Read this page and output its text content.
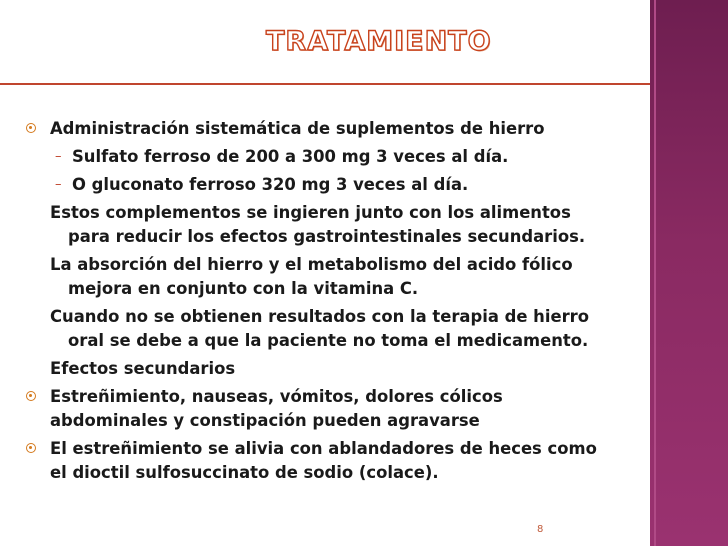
TRATAMIENTO
Administración sistemática de suplementos de hierro
– Sulfato ferroso de 200 a 300 mg 3 veces al día.
– O gluconato ferroso 320 mg 3 veces al día.
Estos complementos se ingieren junto con los alimentos
para reducir los efectos gastrointestinales secundarios.
La absorción del hierro y el metabolismo del acido fólico
mejora en conjunto con la vitamina C.
Cuando no se obtienen resultados con la terapia de hierro
oral se debe a que la paciente no toma el medicamento.
Efectos secundarios
Estreñimiento, nauseas, vómitos, dolores cólicos
abdominales y constipación pueden agravarse
El estreñimiento se alivia con ablandadores de heces como
el dioctil sulfosuccinato de sodio (colace).
8
